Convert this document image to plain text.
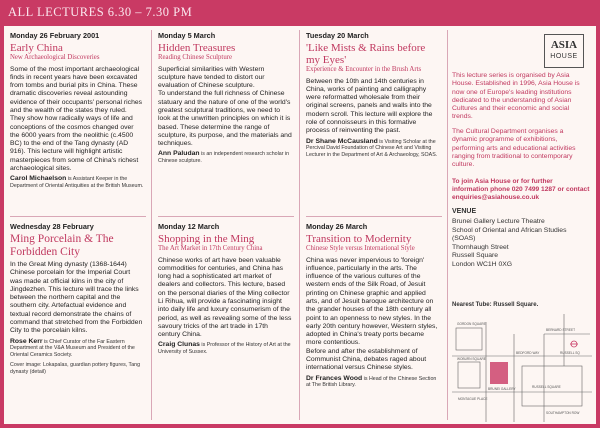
ALL LECTURES 6.30 – 7.30 PM
Monday 26 February 2001
Early China
New Archaeological Discoveries

Some of the most important archaeological finds in recent years have been excavated from tombs and burial pits in China. These dramatic discoveries reveal astounding evidence of their occupants' personal riches and the wealth of the states they ruled.

They show how radically ways of life and conceptions of the cosmos changed over the 6000 years from the neolithic (c.4500 BC) to the end of the Tang dynasty (AD 916). This lecture will highlight artistic masterpieces from some of China's richest archaeological sites.

Carol Michaelson is Assistant Keeper in the Department of Oriental Antiquities at the British Museum.
Wednesday 28 February
Ming Porcelain & The Forbidden City

In the Great Ming dynasty (1368-1644) Chinese porcelain for the Imperial Court was made at official kilns in the city of Jingdezhen. This lecture will trace the links between the northern capital and the southern city. Artefactual evidence and textual record demonstrate the chains of command that stretched from the Forbidden City to the porcelain kilns.

Rose Kerr is Chief Curator of the Far Eastern Department at the V&A Museum and President of the Oriental Ceramics Society.
Cover image: Lokapalas, guardian pottery figures, Tang dynasty (detail)
Monday 5 March
Hidden Treasures
Reading Chinese Sculpture

Superficial similarities with Western sculpture have tended to distort our evaluation of Chinese sculpture.

To understand the full richness of Chinese statuary and the nature of one of the world's greatest sculptural traditions, we need to look at the unwritten principles on which it is based. These determine the range of sculpture, its purpose, and the materials and techniques.

Ann Paludan is an independent research scholar in Chinese sculpture.
Monday 12 March
Shopping in the Ming
The Art Market in 17th Century China

Chinese works of art have been valuable commodities for centuries, and China has long had a sophisticated art market of dealers and collectors. This lecture, based on the personal diaries of the Ming collector Li Rihua, will provide a fascinating insight into daily life and luxury consumerism of the period, as well as revealing some of the less savoury tricks of the art trade in 17th century China.

Craig Clunas is Professor of the History of Art at the University of Sussex.
Tuesday 20 March
'Like Mists & Rains before my Eyes'
Experience & Encounter in the Brush Arts

Between the 10th and 14th centuries in China, works of painting and calligraphy were reformatted wholesale from their original screens, panels and walls into the modern scroll. This lecture will explore the role of connoisseurs in this formative process of reinventing the past.

Dr Shane McCausland is Visiting Scholar at the Percival David Foundation of Chinese Art and Visiting Lecturer in the Department of Art & Archaeology, SOAS.
Monday 26 March
Transition to Modernity
Chinese Style versus International Style

China was never impervious to 'foreign' influence, particularly in the arts. The influence of the various cultures of the western ends of the Silk Road, of Jesuit printing on Chinese graphic and applied arts, and of Jesuit baroque architecture on the grander houses of the 18th century all point to an openness to new styles. In the early 20th century however, Western styles, adopted in China's treaty ports became more contentious.

Before and after the establishment of Communist China, debates raged about international versus Chinese styles.

Dr Frances Wood is Head of the Chinese Section at The British Library.
ASIA
HOUSE
This lecture series is organised by Asia House. Established in 1996, Asia House is now one of Europe's leading institutions dedicated to the understanding of Asian Cultures and their economic and social trends.
The Cultural Department organises a dynamic programme of exhibitions, performing arts and educational activities ranging from traditional to contemporary culture.
To join Asia House or for further information phone 020 7499 1287 or contact enquiries@asiahouse.co.uk
VENUE
Brunei Gallery Lecture Theatre
School of Oriental and African Studies (SOAS)
Thornhaugh Street
Russell Square
London WC1H 0XG
Nearest Tube: Russell Square.
GORDON SQUARE
WOBURN SQUARE
BRUNEI GALLERY
BEDFORD WAY
RUSSELL SQUARE
MONTAGUE PLACE
BERNARD STREET
RUSSELL SQ
SOUTHAMPTON ROW
